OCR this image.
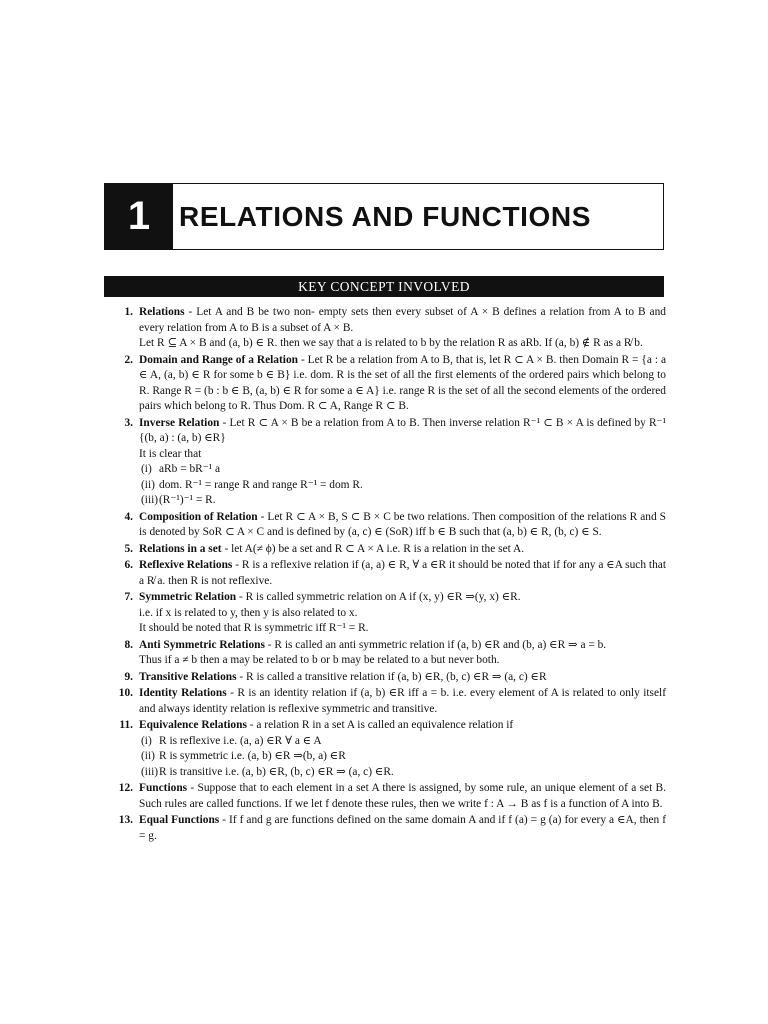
1	RELATIONS AND FUNCTIONS
KEY CONCEPT INVOLVED
1. Relations - Let A and B be two non- empty sets then every subset of A × B defines a relation from A to B and every relation from A to B is a subset of A × B.
Let R ⊆ A × B and (a, b) ∈ R. then we say that a is related to b by the relation R as aRb. If (a, b) ∉ R as a R̸ b.
2. Domain and Range of a Relation - Let R be a relation from A to B, that is, let R ⊂ A × B. then Domain R = {a : a ∈ A, (a, b) ∈ R for some b ∈ B} i.e. dom. R is the set of all the first elements of the ordered pairs which belong to R. Range R = (b : b ∈ B, (a, b) ∈ R for some a ∈ A} i.e. range R is the set of all the second elements of the ordered pairs which belong to R. Thus Dom. R ⊂ A, Range R ⊂ B.
3. Inverse Relation - Let R ⊂ A × B be a relation from A to B. Then inverse relation R⁻¹ ⊂ B × A is defined by R⁻¹ {(b, a) : (a, b) ∈R}
It is clear that
(i) aRb = bR⁻¹ a
(ii) dom. R⁻¹ = range R and range R⁻¹ = dom R.
(iii) (R⁻¹)⁻¹ = R.
4. Composition of Relation - Let R ⊂ A × B, S ⊂ B × C be two relations. Then composition of the relations R and S is denoted by SoR ⊂ A × C and is defined by (a, c) ∈ (SoR) iff b ∈ B such that (a, b) ∈ R, (b, c) ∈ S.
5. Relations in a set - let A(≠ ϕ) be a set and R ⊂ A × A i.e. R is a relation in the set A.
6. Reflexive Relations - R is a reflexive relation if (a, a) ∈ R, ∀ a ∈R it should be noted that if for any a ∈A such that a R̸ a. then R is not reflexive.
7. Symmetric Relation - R is called symmetric relation on A if (x, y) ∈R ⇒(y, x) ∈R.
i.e. if x is related to y, then y is also related to x.
It should be noted that R is symmetric iff R⁻¹ = R.
8. Anti Symmetric Relations - R is called an anti symmetric relation if (a, b) ∈R and (b, a) ∈R ⇒ a = b.
Thus if a ≠ b then a may be related to b or b may be related to a but never both.
9. Transitive Relations - R is called a transitive relation if (a, b) ∈R, (b, c) ∈R ⇒ (a, c) ∈R
10. Identity Relations - R is an identity relation if (a, b) ∈R iff a = b. i.e. every element of A is related to only itself and always identity relation is reflexive symmetric and transitive.
11. Equivalence Relations - a relation R in a set A is called an equivalence relation if
(i) R is reflexive i.e. (a, a) ∈R ∀ a ∈ A
(ii) R is symmetric i.e. (a, b) ∈R ⇒(b, a) ∈R
(iii) R is transitive i.e. (a, b) ∈R, (b, c) ∈R ⇒ (a, c) ∈R.
12. Functions - Suppose that to each element in a set A there is assigned, by some rule, an unique element of a set B. Such rules are called functions. If we let f denote these rules, then we write f : A → B as f is a function of A into B.
13. Equal Functions - If f and g are functions defined on the same domain A and if f (a) = g (a) for every a ∈A, then f = g.
